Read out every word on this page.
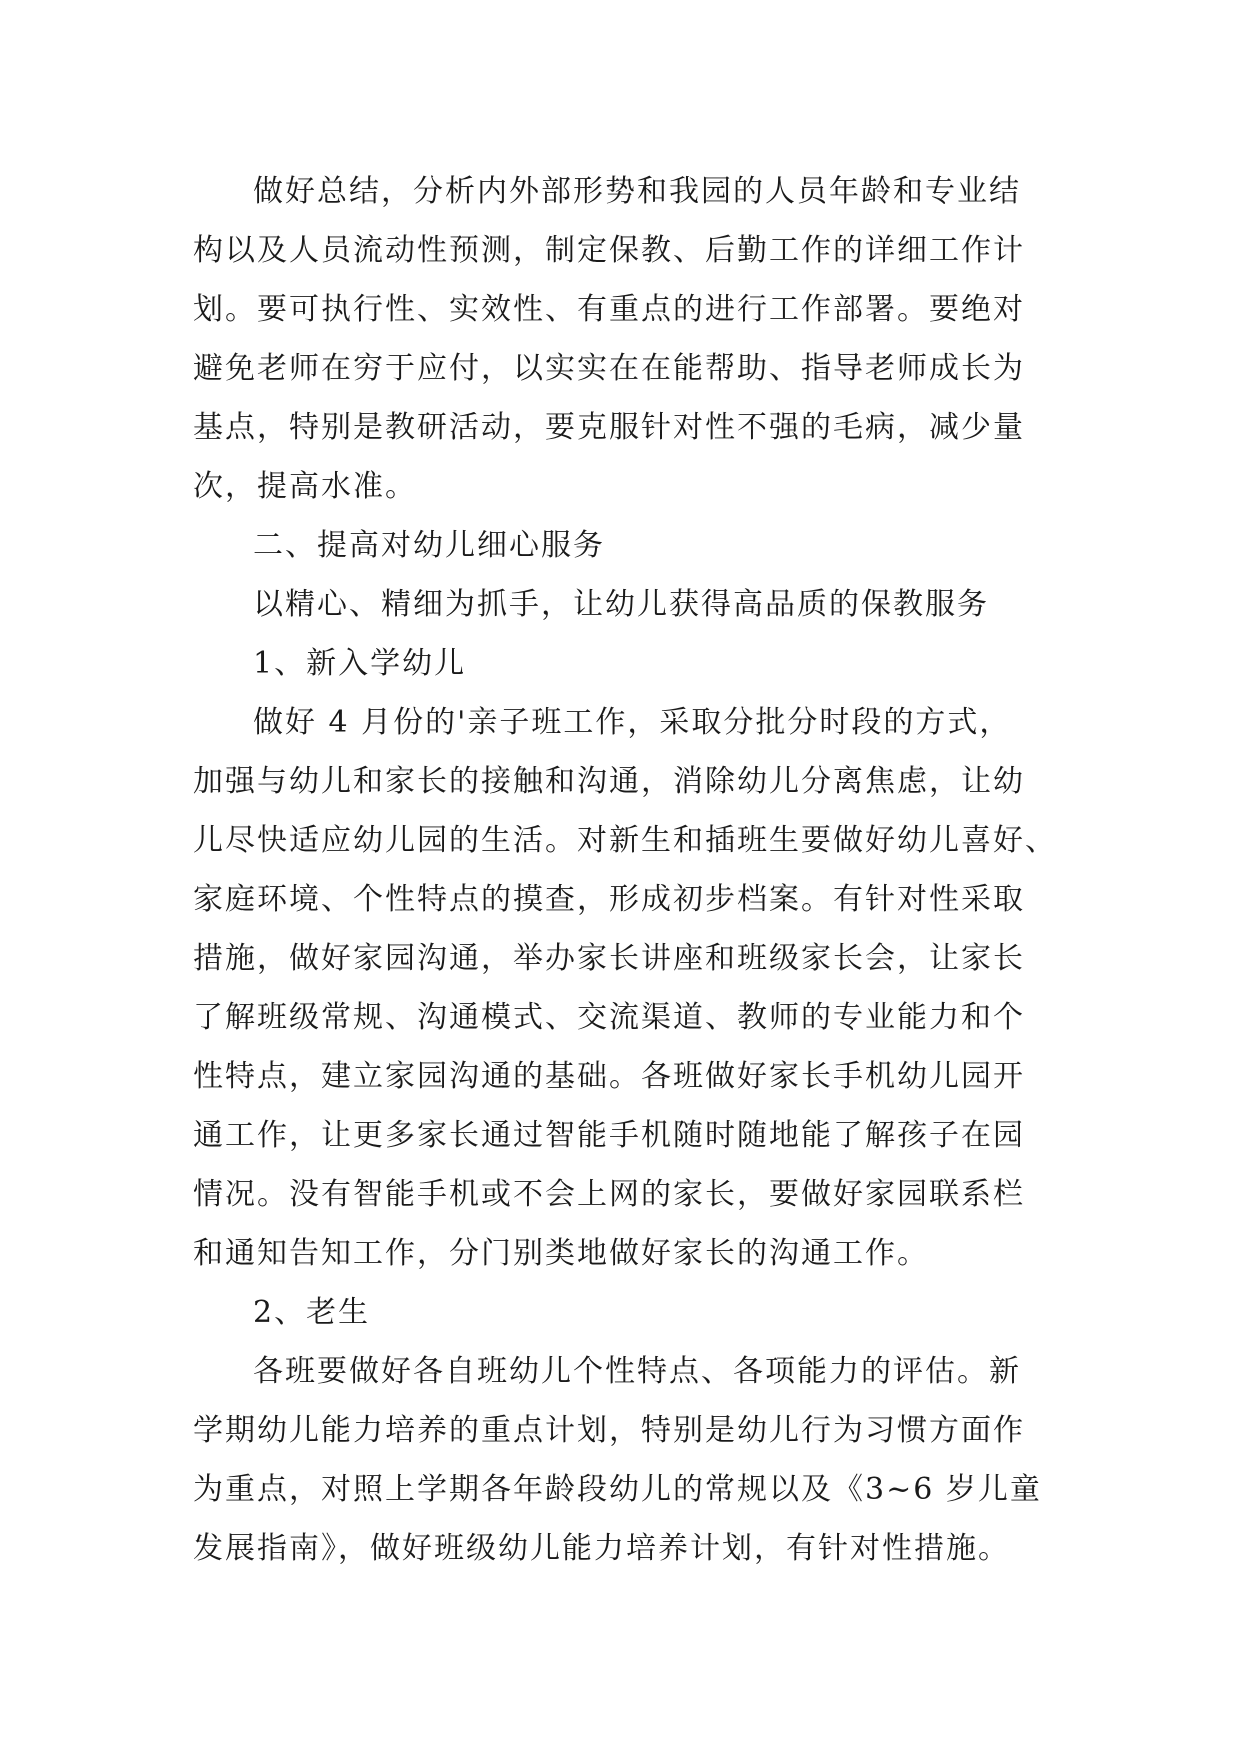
做好总结，分析内外部形势和我园的人员年龄和专业结
构以及人员流动性预测，制定保教、后勤工作的详细工作计
划。要可执行性、实效性、有重点的进行工作部署。要绝对
避免老师在穷于应付，以实实在在能帮助、指导老师成长为
基点，特别是教研活动，要克服针对性不强的毛病，减少量
次，提高水准。

二、提高对幼儿细心服务

以精心、精细为抓手，让幼儿获得高品质的保教服务

1、新入学幼儿

做好 4 月份的'亲子班工作，采取分批分时段的方式，
加强与幼儿和家长的接触和沟通，消除幼儿分离焦虑，让幼
儿尽快适应幼儿园的生活。对新生和插班生要做好幼儿喜好、
家庭环境、个性特点的摸查，形成初步档案。有针对性采取
措施，做好家园沟通，举办家长讲座和班级家长会，让家长
了解班级常规、沟通模式、交流渠道、教师的专业能力和个
性特点，建立家园沟通的基础。各班做好家长手机幼儿园开
通工作，让更多家长通过智能手机随时随地能了解孩子在园
情况。没有智能手机或不会上网的家长，要做好家园联系栏
和通知告知工作，分门别类地做好家长的沟通工作。

2、老生

各班要做好各自班幼儿个性特点、各项能力的评估。新
学期幼儿能力培养的重点计划，特别是幼儿行为习惯方面作
为重点，对照上学期各年龄段幼儿的常规以及《3~6 岁儿童
发展指南》，做好班级幼儿能力培养计划，有针对性措施。
